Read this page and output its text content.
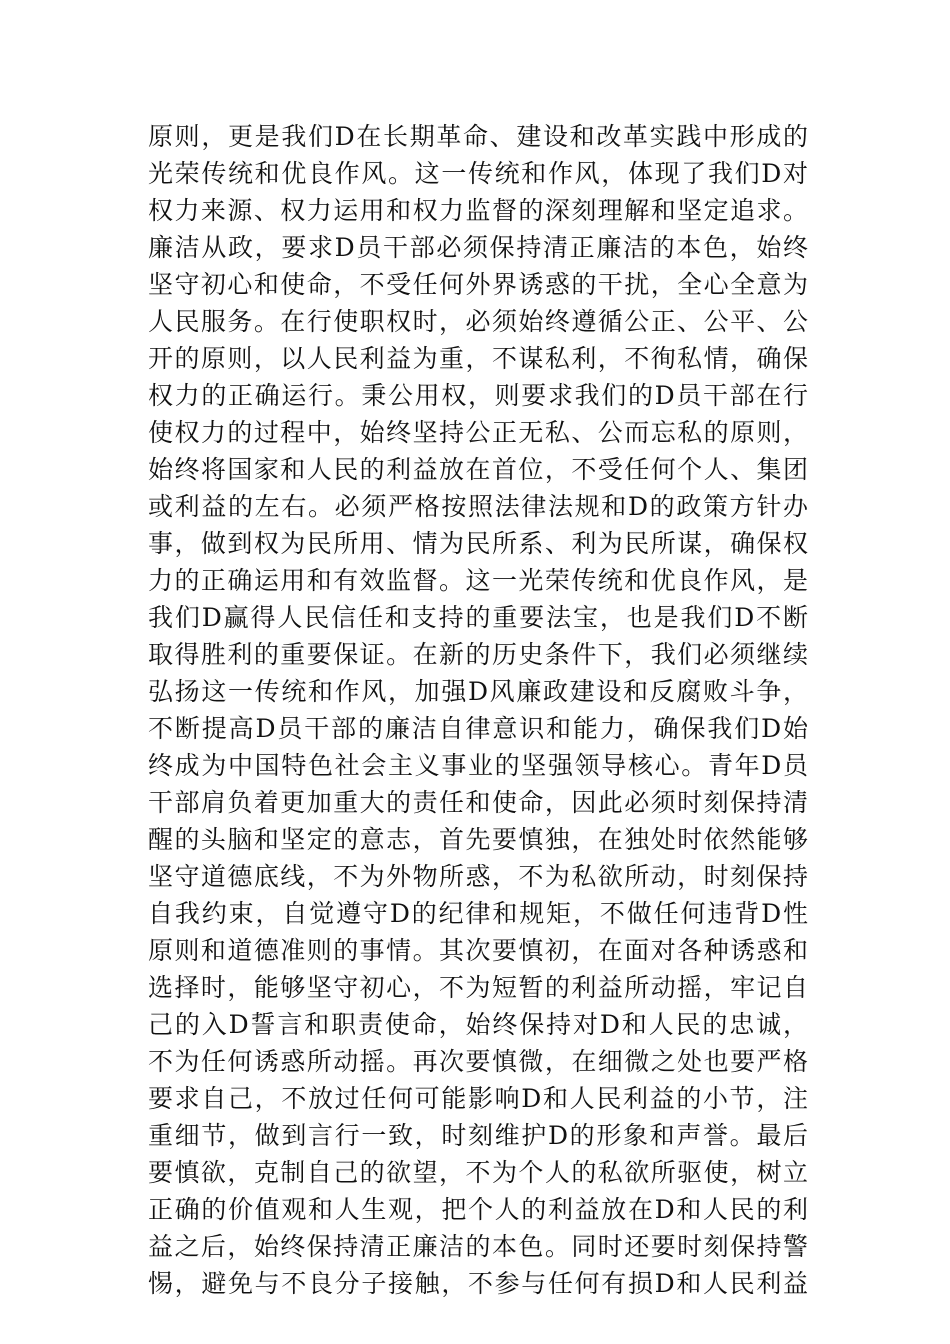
原则，更是我们D在长期革命、建设和改革实践中形成的
光荣传统和优良作风。这一传统和作风，体现了我们D对
权力来源、权力运用和权力监督的深刻理解和坚定追求。
廉洁从政，要求D员干部必须保持清正廉洁的本色，始终
坚守初心和使命，不受任何外界诱惑的干扰，全心全意为
人民服务。在行使职权时，必须始终遵循公正、公平、公
开的原则，以人民利益为重，不谋私利，不徇私情，确保
权力的正确运行。秉公用权，则要求我们的D员干部在行
使权力的过程中，始终坚持公正无私、公而忘私的原则，
始终将国家和人民的利益放在首位，不受任何个人、集团
或利益的左右。必须严格按照法律法规和D的政策方针办
事，做到权为民所用、情为民所系、利为民所谋，确保权
力的正确运用和有效监督。这一光荣传统和优良作风，是
我们D赢得人民信任和支持的重要法宝，也是我们D不断
取得胜利的重要保证。在新的历史条件下，我们必须继续
弘扬这一传统和作风，加强D风廉政建设和反腐败斗争，
不断提高D员干部的廉洁自律意识和能力，确保我们D始
终成为中国特色社会主义事业的坚强领导核心。青年D员
干部肩负着更加重大的责任和使命，因此必须时刻保持清
醒的头脑和坚定的意志，首先要慎独，在独处时依然能够
坚守道德底线，不为外物所惑，不为私欲所动，时刻保持
自我约束，自觉遵守D的纪律和规矩，不做任何违背D性
原则和道德准则的事情。其次要慎初，在面对各种诱惑和
选择时，能够坚守初心，不为短暂的利益所动摇，牢记自
己的入D誓言和职责使命，始终保持对D和人民的忠诚，
不为任何诱惑所动摇。再次要慎微，在细微之处也要严格
要求自己，不放过任何可能影响D和人民利益的小节，注
重细节，做到言行一致，时刻维护D的形象和声誉。最后
要慎欲，克制自己的欲望，不为个人的私欲所驱使，树立
正确的价值观和人生观，把个人的利益放在D和人民的利
益之后，始终保持清正廉洁的本色。同时还要时刻保持警
惕，避免与不良分子接触，不参与任何有损D和人民利益
